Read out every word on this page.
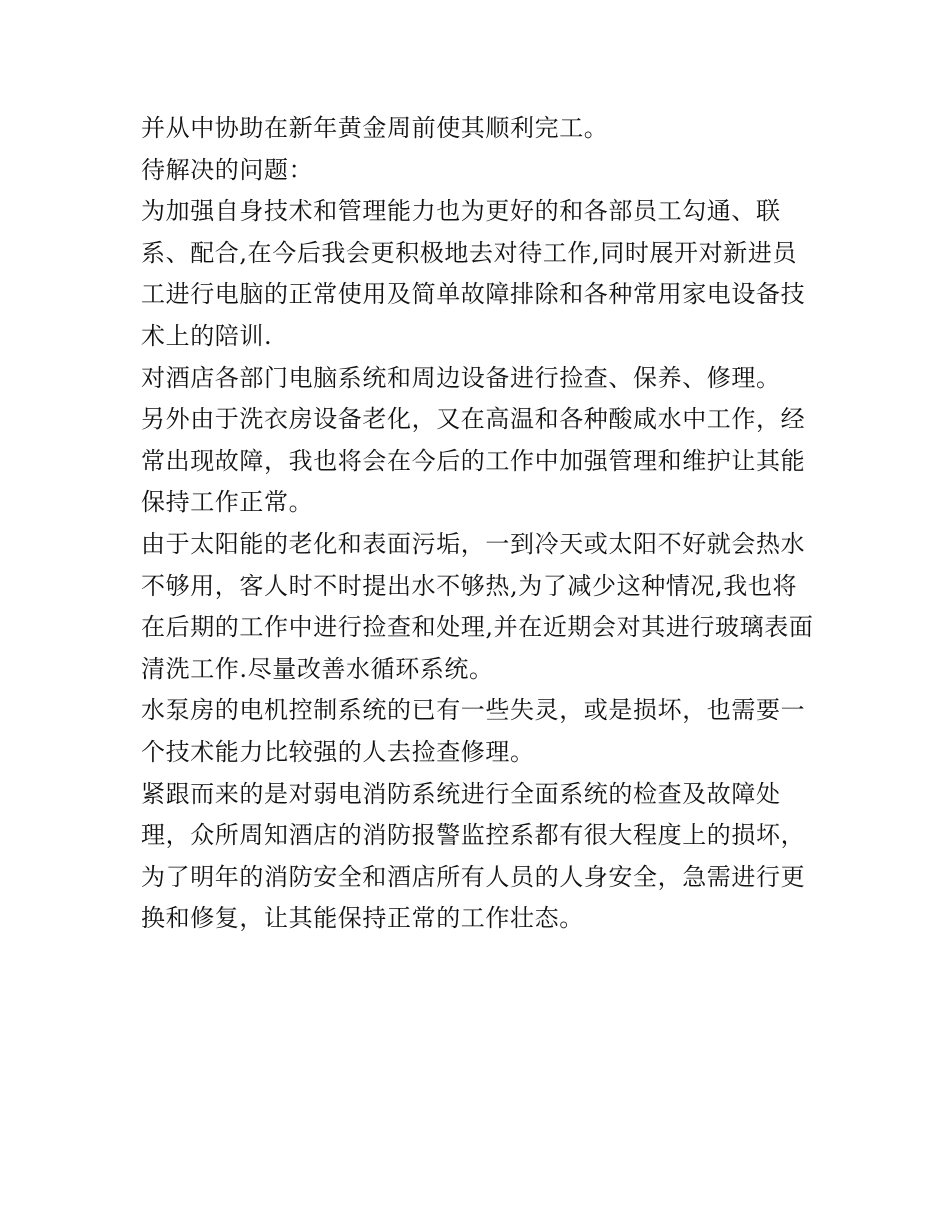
并从中协助在新年黄金周前使其顺利完工。

待解决的问题：

为加强自身技术和管理能力也为更好的和各部员工勾通、联系、配合,在今后我会更积极地去对待工作,同时展开对新进员工进行电脑的正常使用及简单故障排除和各种常用家电设备技术上的陪训.

对酒店各部门电脑系统和周边设备进行捡查、保养、修理。

另外由于洗衣房设备老化，又在高温和各种酸咸水中工作，经常出现故障，我也将会在今后的工作中加强管理和维护让其能保持工作正常。

由于太阳能的老化和表面污垢，一到冷天或太阳不好就会热水不够用，客人时不时提出水不够热,为了减少这种情况,我也将在后期的工作中进行捡查和处理,并在近期会对其进行玻璃表面清洗工作.尽量改善水循环系统。

水泵房的电机控制系统的已有一些失灵，或是损坏，也需要一个技术能力比较强的人去捡查修理。

紧跟而来的是对弱电消防系统进行全面系统的检查及故障处理，众所周知酒店的消防报警监控系都有很大程度上的损坏，为了明年的消防安全和酒店所有人员的人身安全，急需进行更换和修复，让其能保持正常的工作壮态。
